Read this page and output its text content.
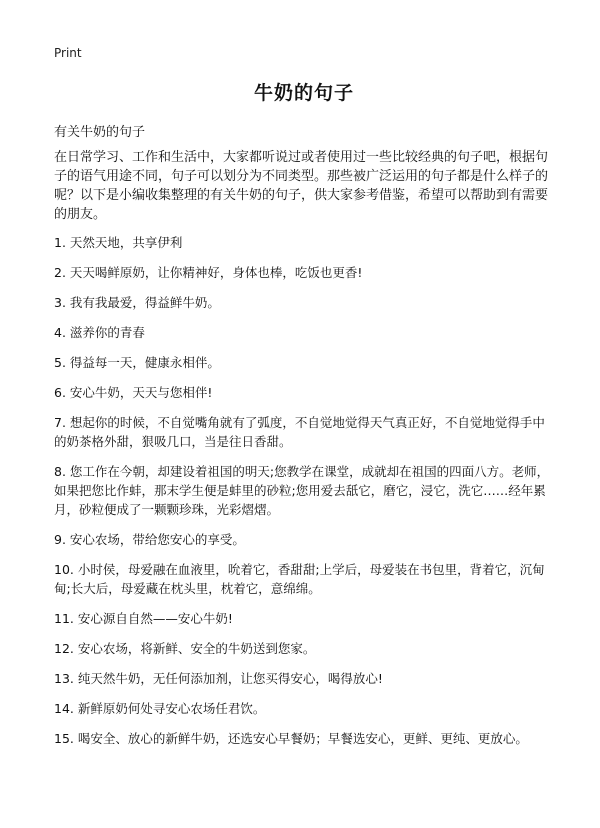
Print
牛奶的句子
有关牛奶的句子

在日常学习、工作和生活中，大家都听说过或者使用过一些比较经典的句子吧，根据句子的语气用途不同，句子可以划分为不同类型。那些被广泛运用的句子都是什么样子的呢？以下是小编收集整理的有关牛奶的句子，供大家参考借鉴，希望可以帮助到有需要的朋友。

1. 天然天地，共享伊利
2. 天天喝鲜原奶，让你精神好，身体也棒，吃饭也更香!
3. 我有我最爱，得益鲜牛奶。
4. 滋养你的青春
5. 得益每一天，健康永相伴。
6. 安心牛奶，天天与您相伴!
7. 想起你的时候，不自觉嘴角就有了弧度，不自觉地觉得天气真正好，不自觉地觉得手中的奶茶格外甜，狠吸几口，当是往日香甜。
8. 您工作在今朝，却建设着祖国的明天;您教学在课堂，成就却在祖国的四面八方。老师，如果把您比作蚌，那末学生便是蚌里的砂粒;您用爱去舐它，磨它，浸它，洗它……经年累月，砂粒便成了一颗颗珍珠，光彩熠熠。
9. 安心农场，带给您安心的享受。
10. 小时侯，母爱融在血液里，吮着它，香甜甜;上学后，母爱装在书包里，背着它，沉甸甸;长大后，母爱藏在枕头里，枕着它，意绵绵。
11. 安心源自自然——安心牛奶!
12. 安心农场，将新鲜、安全的牛奶送到您家。
13. 纯天然牛奶，无任何添加剂，让您买得安心，喝得放心!
14. 新鲜原奶何处寻安心农场任君饮。
15. 喝安全、放心的新鲜牛奶，还选安心早餐奶；早餐选安心，更鲜、更纯、更放心。
